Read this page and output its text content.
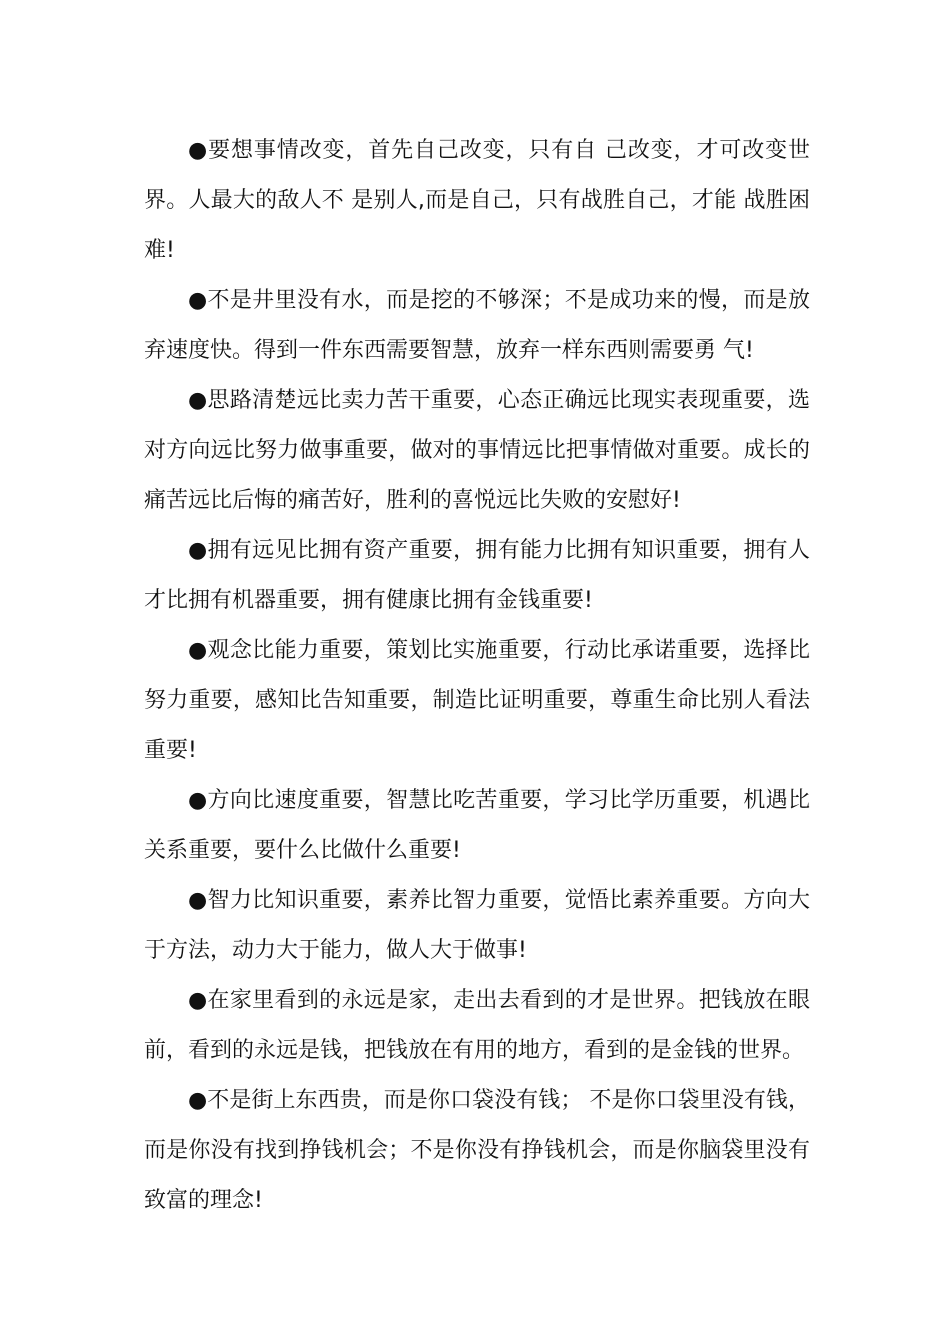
●要想事情改变，首先自己改变，只有自 己改变，才可改变世界。人最大的敌人不 是别人,而是自己，只有战胜自己，才能 战胜困难!

●不是井里没有水，而是挖的不够深；不是成功来的慢，而是放弃速度快。得到一件东西需要智慧，放弃一样东西则需要勇 气!

●思路清楚远比卖力苦干重要，心态正确远比现实表现重要，选对方向远比努力做事重要，做对的事情远比把事情做对重要。成长的痛苦远比后悔的痛苦好，胜利的喜悦远比失败的安慰好!

●拥有远见比拥有资产重要，拥有能力比拥有知识重要，拥有人才比拥有机器重要，拥有健康比拥有金钱重要!

●观念比能力重要，策划比实施重要，行动比承诺重要，选择比努力重要，感知比告知重要，制造比证明重要，尊重生命比别人看法重要!

●方向比速度重要，智慧比吃苦重要，学习比学历重要，机遇比关系重要，要什么比做什么重要!

●智力比知识重要，素养比智力重要，觉悟比素养重要。方向大于方法，动力大于能力，做人大于做事!

●在家里看到的永远是家，走出去看到的才是世界。把钱放在眼前，看到的永远是钱，把钱放在有用的地方，看到的是金钱的世界。

●不是街上东西贵，而是你口袋没有钱； 不是你口袋里没有钱，而是你没有找到挣钱机会；不是你没有挣钱机会，而是你脑袋里没有致富的理念!
